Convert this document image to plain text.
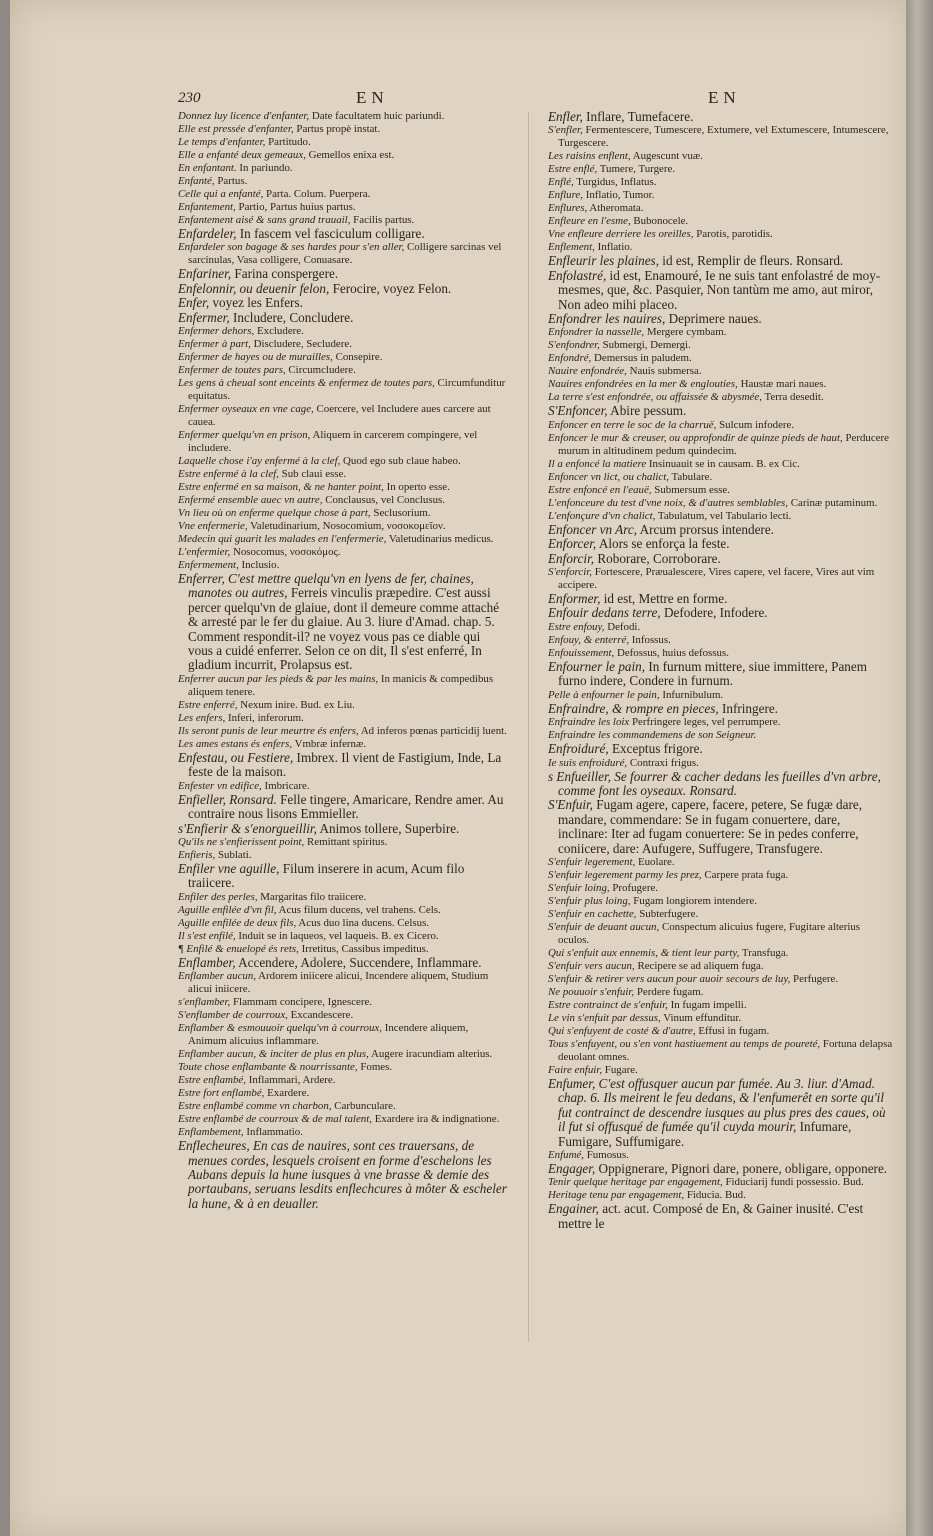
230	EN

Donnez luy licence d'enfanter, Date facultatem huic pariundi.

Elle est pressée d'enfanter, Partus propè instat.

Le temps d'enfanter, Partitudo.

Elle a enfanté deux gemeaux, Gemellos enixa est.

En enfantant. In pariundo.

Enfanté, Partus.

Celle qui a enfanté, Parta. Colum. Puerpera.

Enfantement, Partio, Partus huius partus.

Enfantement aisé & sans grand trauail, Facilis partus.

Enfardeler, In fascem vel fasciculum colligare.

Enfardeler son bagage & ses hardes pour s'en aller, Colligere sarcinas vel sarcinulas, Vasa colligere, Conuasare.

Enfariner, Farina conspergere.

Enfelonnir, ou deuenir felon, Ferocire, voyez Felon.

Enfer, voyez les Enfers.

Enfermer, Includere, Concludere.

Enfermer dehors, Excludere.

Enfermer à part, Discludere, Secludere.

Enfermer de hayes ou de murailles, Consepire.

Enfermer de toutes pars, Circumcludere.

Les gens à cheual sont enceints & enfermez de toutes pars, Circumfunditur equitatus.

Enfermer oyseaux en vne cage, Coercere, vel Includere aues carcere aut caueа.

Enfermer quelqu'vn en prison, Aliquem in carcerem compingere, vel includere.

Laquelle chose i'ay enfermé à la clef, Quod ego sub claue habeo.

Estre enfermé à la clef, Sub claui esse.

Estre enfermé en sa maison, & ne hanter point, In operto esse.

Enfermé ensemble auec vn autre, Conclausus, vel Conclusus.

Vn lieu où on enferme quelque chose à part, Seclusorium.

Vne enfermerie, Valetudinarium, Nosocomium, νοσοκομεῖον.

Medecin qui guarit les malades en l'enfermerie, Valetudinarius medicus.

L'enfermier, Nosocomus, νοσοκόμος.

Enfermement, Inclusio.

Enferrer, C'est mettre quelqu'vn en lyens de fer, chaines, manotes ou autres, Ferreis vinculis præpedire. C'est aussi percer quelqu'vn de glaiue, dont il demeure comme attaché & arresté par le fer du glaiue. Au 3. liure d'Amad. chap. 5. Comment respondit-il? ne voyez vous pas ce diable qui vous a cuidé enferrer. Selon ce on dit, Il s'est enferré, In gladium incurrit, Prolapsus est.

Enferrer aucun par les pieds & par les mains, In manicis & compedibus aliquem tenere.

Estre enferré, Nexum inire. Bud. ex Liu.

Les enfers, Inferi, inferorum.

Ils seront punis de leur meurtre és enfers, Ad inferos pœnas particidij luent.

Les ames estans és enfers, Vmbræ infernæ.

Enfestau, ou Festiere, Imbrex. Il vient de Fastigium, Inde, La feste de la maison.

Enfester vn edifice, Imbricare.

Enfieller, Ronsard. Felle tingere, Amaricare, Rendre amer. Au contraire nous lisons Emmieller.

s'Enfierir & s'enorgueillir, Animos tollere, Superbire.

Qu'ils ne s'enfierissent point, Remittant spiritus.

Enfieris, Sublati.

Enfiler vne aguille, Filum inserere in acum, Acum filo traiicere.

Enfiler des perles, Margaritas filo traiicere.

Aguille enfilée d'vn fil, Acus filum ducens, vel trahens. Cels.

Aguille enfilée de deux fils, Acus duo lina ducens. Celsus.

Il s'est enfilé, Induit se in laqueos, vel laqueis. B. ex Cicero.

¶ Enfilé & enuelopé és rets, Irretitus, Cassibus impeditus.

Enflamber, Accendere, Adolere, Succendere, Inflammare.

Enflamber aucun, Ardorem iniicere alicui, Incendere aliquem, Studium alicui iniicere.

s'enflamber, Flammam concipere, Ignescere.

S'enflamber de courroux, Excandescere.

Enflamber & esmouuoir quelqu'vn à courroux, Incendere aliquem, Animum alicuius inflammare.

Enflamber aucun, & inciter de plus en plus, Augere iracundiam alterius.

Toute chose enflambante & nourrissante, Fomes.

Estre enflambé, Inflammari, Ardere.

Estre fort enflambé, Exardere.

Estre enflambé comme vn charbon, Carbunculare.

Estre enflambé de courroux & de mal talent, Exardere ira & indignatione.

Enflambement, Inflammatio.

Enflecheures, En cas de nauires, sont ces trauersans, de menues cordes, lesquels croisent en forme d'eschelons les Aubans depuis la hune iusques à vne brasse & demie des portaubans, seruans lesdits enflechcures à môter & escheler la hune, & à en deualler.

EN

Enfler, Inflare, Tumefacere.

S'enfler, Fermentescere, Tumescere, Extumere, vel Extumescere, Intumescere, Turgescere.

Les raisins enflent, Augescunt vuæ.

Estre enflé, Tumere, Turgere.

Enflé, Turgidus, Inflatus.

Enflure, Inflatio, Tumor.

Enflures, Atheromata.

Enfleure en l'esme, Bubonocele.

Vne enfleure derriere les oreilles, Parotis, parotidis.

Enflement, Inflatio.

Enfleurir les plaines, id est, Remplir de fleurs. Ronsard.

Enfolastré, id est, Enamouré, Ie ne suis tant enfolastré de moy-mesmes, que, &c. Pasquier, Non tantùm me amo, aut miror, Non adeo mihi placeo.

Enfondrer les nauires, Deprimere naues.

Enfondrer la nasselle, Mergere cymbam.

S'enfondrer, Submergi, Demergi.

Enfondré, Demersus in paludem.

Nauire enfondrée, Nauis submersa.

Nauires enfondrées en la mer & englouties, Haustæ mari naues.

La terre s'est enfondrée, ou affaissée & abysmée, Terra desedit.

S'Enfoncer, Abire pessum.

Enfoncer en terre le soc de la charruë, Sulcum infodere.

Enfoncer le mur & creuser, ou approfondir de quinze pieds de haut, Perducere murum in altitudinem pedum quindecim.

Il a enfoncé la matiere Insinuauit se in causam. B. ex Cic.

Enfoncer vn lict, ou chalict, Tabulare.

Estre enfoncé en l'eauë, Submersum esse.

L'enfonceure du test d'vne noix, & d'autres semblables, Carinæ putaminum.

L'enfonçure d'vn chalict, Tabulatum, vel Tabulario lecti.

Enfoncer vn Arc, Arcum prorsus intendere.

Enforcer, Alors se enforça la feste.

Enforcir, Roborare, Corroborare.

S'enforcir, Fortescere, Præualescere, Vires capere, vel facere, Vires aut vim accipere.

Enformer, id est, Mettre en forme.

Enfouir dedans terre, Defodere, Infodere.

Estre enfouy, Defodi.

Enfouy, & enterré, Infossus.

Enfouissement, Defossus, huius defossus.

Enfourner le pain, In furnum mittere, siue immittere, Panem furno indere, Condere in furnum.

Pelle à enfourner le pain, Infurnibulum.

Enfraindre, & rompre en pieces, Infringere.

Enfraindre les loix Perfringere leges, vel perrumpere.

Enfraindre les commandemens de son Seigneur.

Enfroiduré, Exceptus frigore.

Ie suis enfroiduré, Contraxi frigus.

s Enfueiller, Se fourrer & cacher dedans les fueilles d'vn arbre, comme font les oyseaux. Ronsard.

S'Enfuir, Fugam agere, capere, facere, petere, Se fugæ dare, mandare, commendare: Se in fugam conuertere, dare, inclinare: Iter ad fugam conuertere: Se in pedes conferre, coniicere, dare: Aufugere, Suffugere, Transfugere.

S'enfuir legerement, Euolare.

S'enfuir legerement parmy les prez, Carpere prata fuga.

S'enfuir loing, Profugere.

S'enfuir plus loing, Fugam longiorem intendere.

S'enfuir en cachette, Subterfugere.

S'enfuir de deuant aucun, Conspectum alicuius fugere, Fugitare alterius oculos.

Qui s'enfuit aux ennemis, & tient leur party, Transfuga.

S'enfuir vers aucun, Recipere se ad aliquem fuga.

S'enfuir & retirer vers aucun pour auoir secours de luy, Perfugere.

Ne pouuoir s'enfuir, Perdere fugam.

Estre contrainct de s'enfuir, In fugam impelli.

Le vin s'enfuit par dessus, Vinum effunditur.

Qui s'enfuyent de costé & d'autre, Effusi in fugam.

Tous s'enfuyent, ou s'en vont hastiuement au temps de poureté, Fortuna delapsa deuolant omnes.

Faire enfuir, Fugare.

Enfumer, C'est offusquer aucun par fumée. Au 3. liur. d'Amad. chap. 6. Ils meirent le feu dedans, & l'enfumerêt en sorte qu'il fut contrainct de descendre iusques au plus pres des caues, où il fut si offusqué de fumée qu'il cuyda mourir, Infumare, Fumigare, Suffumigare.

Enfumé, Fumosus.

Engager, Oppignerare, Pignori dare, ponere, obligare, opponere.

Tenir quelque heritage par engagement, Fiduciarij fundi possessio. Bud.

Heritage tenu par engagement, Fiducia. Bud.

Engainer, act. acut. Composé de En, & Gainer inusité. C'est mettre le
